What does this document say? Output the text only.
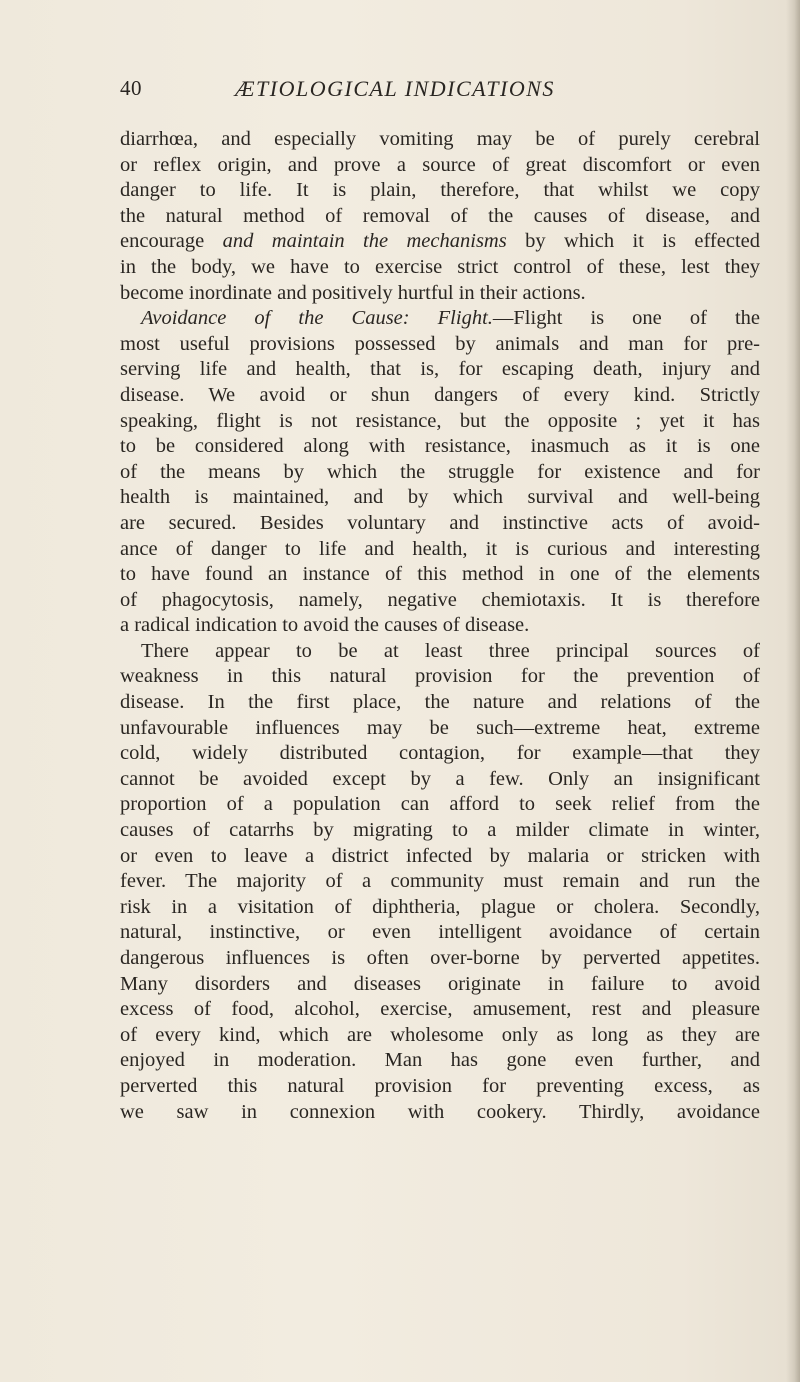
40	ÆTIOLOGICAL INDICATIONS
diarrhœa, and especially vomiting may be of purely cerebral
or reflex origin, and prove a source of great discomfort or even
danger to life. It is plain, therefore, that whilst we copy
the natural method of removal of the causes of disease, and
encourage and maintain the mechanisms by which it is effected
in the body, we have to exercise strict control of these, lest they
become inordinate and positively hurtful in their actions.
Avoidance of the Cause: Flight.—Flight is one of the
most useful provisions possessed by animals and man for pre-
serving life and health, that is, for escaping death, injury and
disease. We avoid or shun dangers of every kind. Strictly
speaking, flight is not resistance, but the opposite ; yet it has
to be considered along with resistance, inasmuch as it is one
of the means by which the struggle for existence and for
health is maintained, and by which survival and well-being
are secured. Besides voluntary and instinctive acts of avoid-
ance of danger to life and health, it is curious and interesting
to have found an instance of this method in one of the elements
of phagocytosis, namely, negative chemiotaxis. It is therefore
a radical indication to avoid the causes of disease.
There appear to be at least three principal sources of
weakness in this natural provision for the prevention of
disease. In the first place, the nature and relations of the
unfavourable influences may be such—extreme heat, extreme
cold, widely distributed contagion, for example—that they
cannot be avoided except by a few. Only an insignificant
proportion of a population can afford to seek relief from the
causes of catarrhs by migrating to a milder climate in winter,
or even to leave a district infected by malaria or stricken with
fever. The majority of a community must remain and run the
risk in a visitation of diphtheria, plague or cholera. Secondly,
natural, instinctive, or even intelligent avoidance of certain
dangerous influences is often over-borne by perverted appetites.
Many disorders and diseases originate in failure to avoid
excess of food, alcohol, exercise, amusement, rest and pleasure
of every kind, which are wholesome only as long as they are
enjoyed in moderation. Man has gone even further, and
perverted this natural provision for preventing excess, as
we saw in connexion with cookery. Thirdly, avoidance
